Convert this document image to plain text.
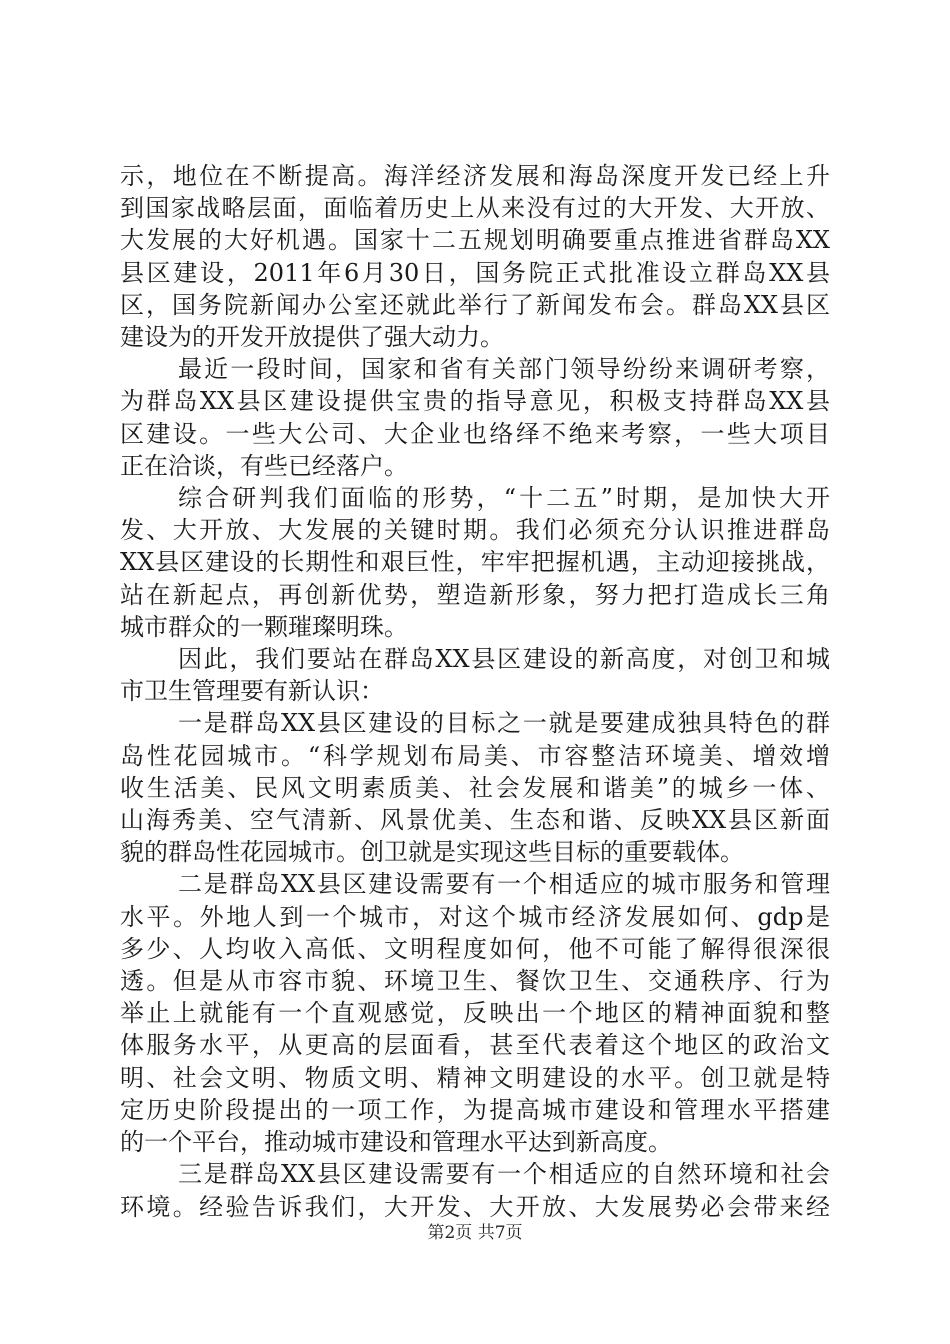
示，地位在不断提高。海洋经济发展和海岛深度开发已经上升
到国家战略层面，面临着历史上从来没有过的大开发、大开放、
大发展的大好机遇。国家十二五规划明确要重点推进省群岛XX
县区建设，2011年6月30日，国务院正式批准设立群岛XX县
区，国务院新闻办公室还就此举行了新闻发布会。群岛XX县区
建设为的开发开放提供了强大动力。

最近一段时间，国家和省有关部门领导纷纷来调研考察，
为群岛XX县区建设提供宝贵的指导意见，积极支持群岛XX县
区建设。一些大公司、大企业也络绎不绝来考察，一些大项目
正在洽谈，有些已经落户。

综合研判我们面临的形势，“十二五”时期，是加快大开
发、大开放、大发展的关键时期。我们必须充分认识推进群岛
XX县区建设的长期性和艰巨性，牢牢把握机遇，主动迎接挑战，
站在新起点，再创新优势，塑造新形象，努力把打造成长三角
城市群众的一颗璀璨明珠。

因此，我们要站在群岛XX县区建设的新高度，对创卫和城
市卫生管理要有新认识：

一是群岛XX县区建设的目标之一就是要建成独具特色的群
岛性花园城市。“科学规划布局美、市容整洁环境美、增效增
收生活美、民风文明素质美、社会发展和谐美”的城乡一体、
山海秀美、空气清新、风景优美、生态和谐、反映XX县区新面
貌的群岛性花园城市。创卫就是实现这些目标的重要载体。

二是群岛XX县区建设需要有一个相适应的城市服务和管理
水平。外地人到一个城市，对这个城市经济发展如何、gdp是
多少、人均收入高低、文明程度如何，他不可能了解得很深很
透。但是从市容市貌、环境卫生、餐饮卫生、交通秩序、行为
举止上就能有一个直观感觉，反映出一个地区的精神面貌和整
体服务水平，从更高的层面看，甚至代表着这个地区的政治文
明、社会文明、物质文明、精神文明建设的水平。创卫就是特
定历史阶段提出的一项工作，为提高城市建设和管理水平搭建
的一个平台，推动城市建设和管理水平达到新高度。

三是群岛XX县区建设需要有一个相适应的自然环境和社会
环境。经验告诉我们，大开发、大开放、大发展势必会带来经

第2页 共7页
